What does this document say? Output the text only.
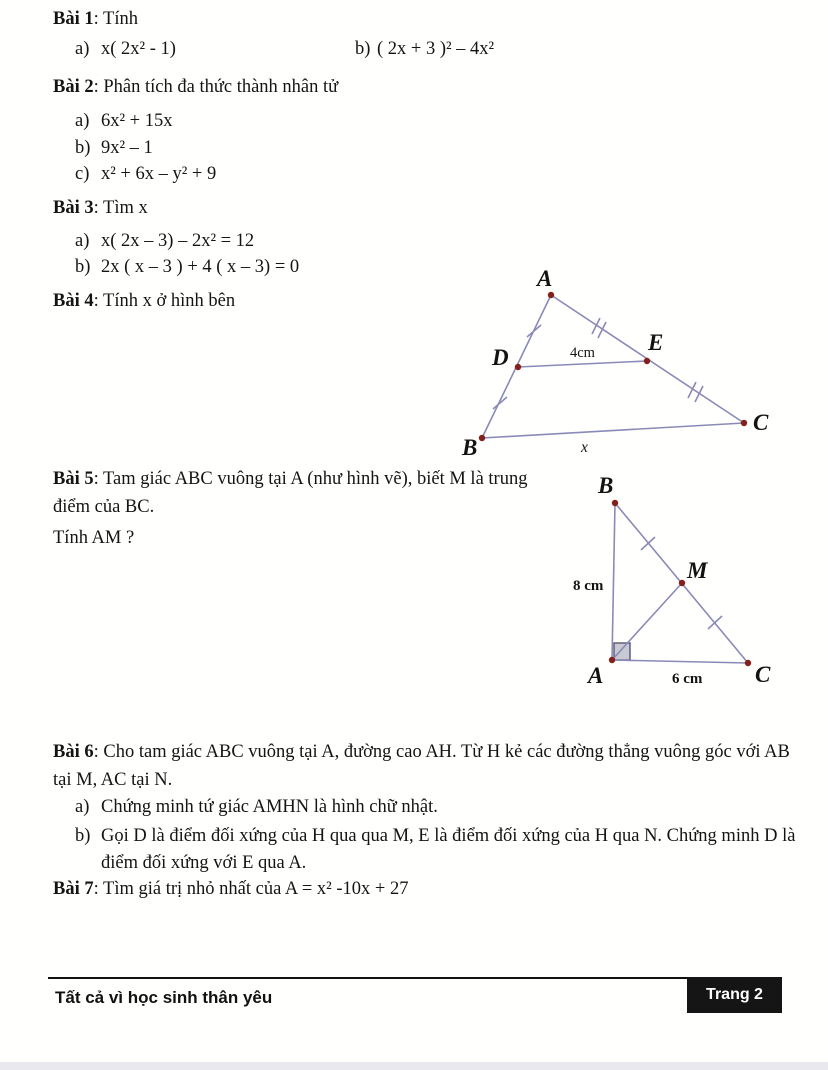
Bài 1: Tính
a) x( 2x² - 1)	b) ( 2x + 3 )² – 4x²
Bài 2: Phân tích đa thức thành nhân tử
a) 6x² + 15x
b) 9x² – 1
c) x² + 6x – y² + 9
Bài 3: Tìm x
a) x( 2x – 3) – 2x² = 12
b) 2x ( x – 3 ) + 4 ( x – 3) = 0
Bài 4: Tính x ở hình bên
A
B
C
D
E
4cm
x
Bài 5: Tam giác ABC vuông tại A (như hình vẽ), biết M là trung điểm của BC.
Tính AM ?
B
A	C
M
8 cm
6 cm
Bài 6: Cho tam giác ABC vuông tại A, đường cao AH. Từ H kẻ các đường thẳng vuông góc với AB tại M, AC tại N.
a) Chứng minh tứ giác AMHN là hình chữ nhật.
b) Gọi D là điểm đối xứng của H qua qua M, E là điểm đối xứng của H qua N. Chứng minh D là điểm đối xứng với E qua A.
Bài 7: Tìm giá trị nhỏ nhất của A = x² -10x + 27
Tất cả vì học sinh thân yêu	Trang 2
